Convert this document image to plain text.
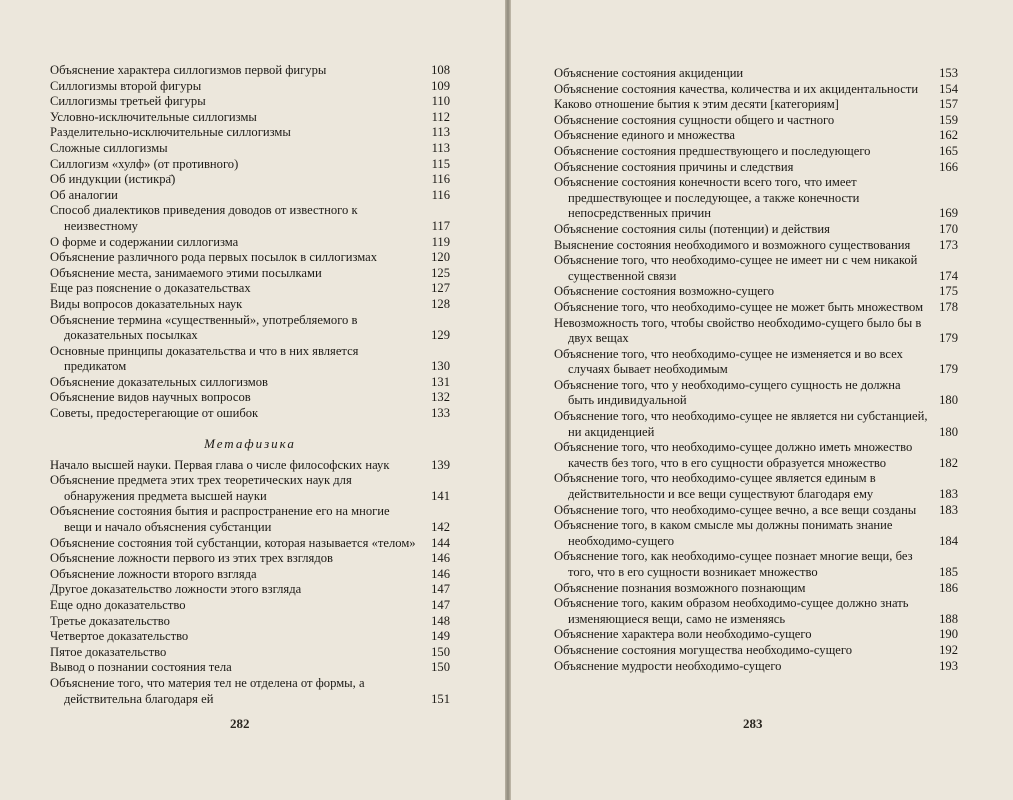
Объяснение характера силлогизмов первой фигуры	108
Силлогизмы второй фигуры	109
Силлогизмы третьей фигуры	110
Условно-исключительные силлогизмы	112
Разделительно-исключительные силлогизмы	113
Сложные силлогизмы	113
Силлогизм «хулф» (от противного)	115
Об индукции (истикра̄)	116
Об аналогии	116
Способ диалектиков приведения доводов от известного к неизвестному	117
О форме и содержании силлогизма	119
Объяснение различного рода первых посылок в силлогизмах	120
Объяснение места, занимаемого этими посылками	125
Еще раз пояснение о доказательствах	127
Виды вопросов доказательных наук	128
Объяснение термина «существенный», употребляемого в доказательных посылках	129
Основные принципы доказательства и что в них является предикатом	130
Объяснение доказательных силлогизмов	131
Объяснение видов научных вопросов	132
Советы, предостерегающие от ошибок	133
Метафизика
Начало высшей науки. Первая глава о числе философских наук	139
Объяснение предмета этих трех теоретических наук для обнаружения предмета высшей науки	141
Объяснение состояния бытия и распространение его на многие вещи и начало объяснения субстанции	142
Объяснение состояния той субстанции, которая называется «телом»	144
Объяснение ложности первого из этих трех взглядов	146
Объяснение ложности второго взгляда	146
Другое доказательство ложности этого взгляда	147
Еще одно доказательство	147
Третье доказательство	148
Четвертое доказательство	149
Пятое доказательство	150
Вывод о познании состояния тела	150
Объяснение того, что материя тел не отделена от формы, а действительна благодаря ей	151
282
Объяснение состояния акциденции	153
Объяснение состояния качества, количества и их акцидентальности	154
Каково отношение бытия к этим десяти [категориям]	157
Объяснение состояния сущности общего и частного	159
Объяснение единого и множества	162
Объяснение состояния предшествующего и последующего	165
Объяснение состояния причины и следствия	166
Объяснение состояния конечности всего того, что имеет предшествующее и последующее, а также конечности непосредственных причин	169
Объяснение состояния силы (потенции) и действия	170
Выяснение состояния необходимого и возможного существования	173
Объяснение того, что необходимо-сущее не имеет ни с чем никакой существенной связи	174
Объяснение состояния возможно-сущего	175
Объяснение того, что необходимо-сущее не может быть множеством	178
Невозможность того, чтобы свойство необходимо-сущего было бы в двух вещах	179
Объяснение того, что необходимо-сущее не изменяется и во всех случаях бывает необходимым	179
Объяснение того, что у необходимо-сущего сущность не должна быть индивидуальной	180
Объяснение того, что необходимо-сущее не является ни субстанцией, ни акциденцией	180
Объяснение того, что необходимо-сущее должно иметь множество качеств без того, что в его сущности образуется множество	182
Объяснение того, что необходимо-сущее является единым в действительности и все вещи существуют благодаря ему	183
Объяснение того, что необходимо-сущее вечно, а все вещи созданы	183
Объяснение того, в каком смысле мы должны понимать знание необходимо-сущего	184
Объяснение того, как необходимо-сущее познает многие вещи, без того, что в его сущности возникает множество	185
Объяснение познания возможного познающим	186
Объяснение того, каким образом необходимо-сущее должно знать изменяющиеся вещи, само не изменяясь	188
Объяснение характера воли необходимо-сущего	190
Объяснение состояния могущества необходимо-сущего	192
Объяснение мудрости необходимо-сущего	193
283
